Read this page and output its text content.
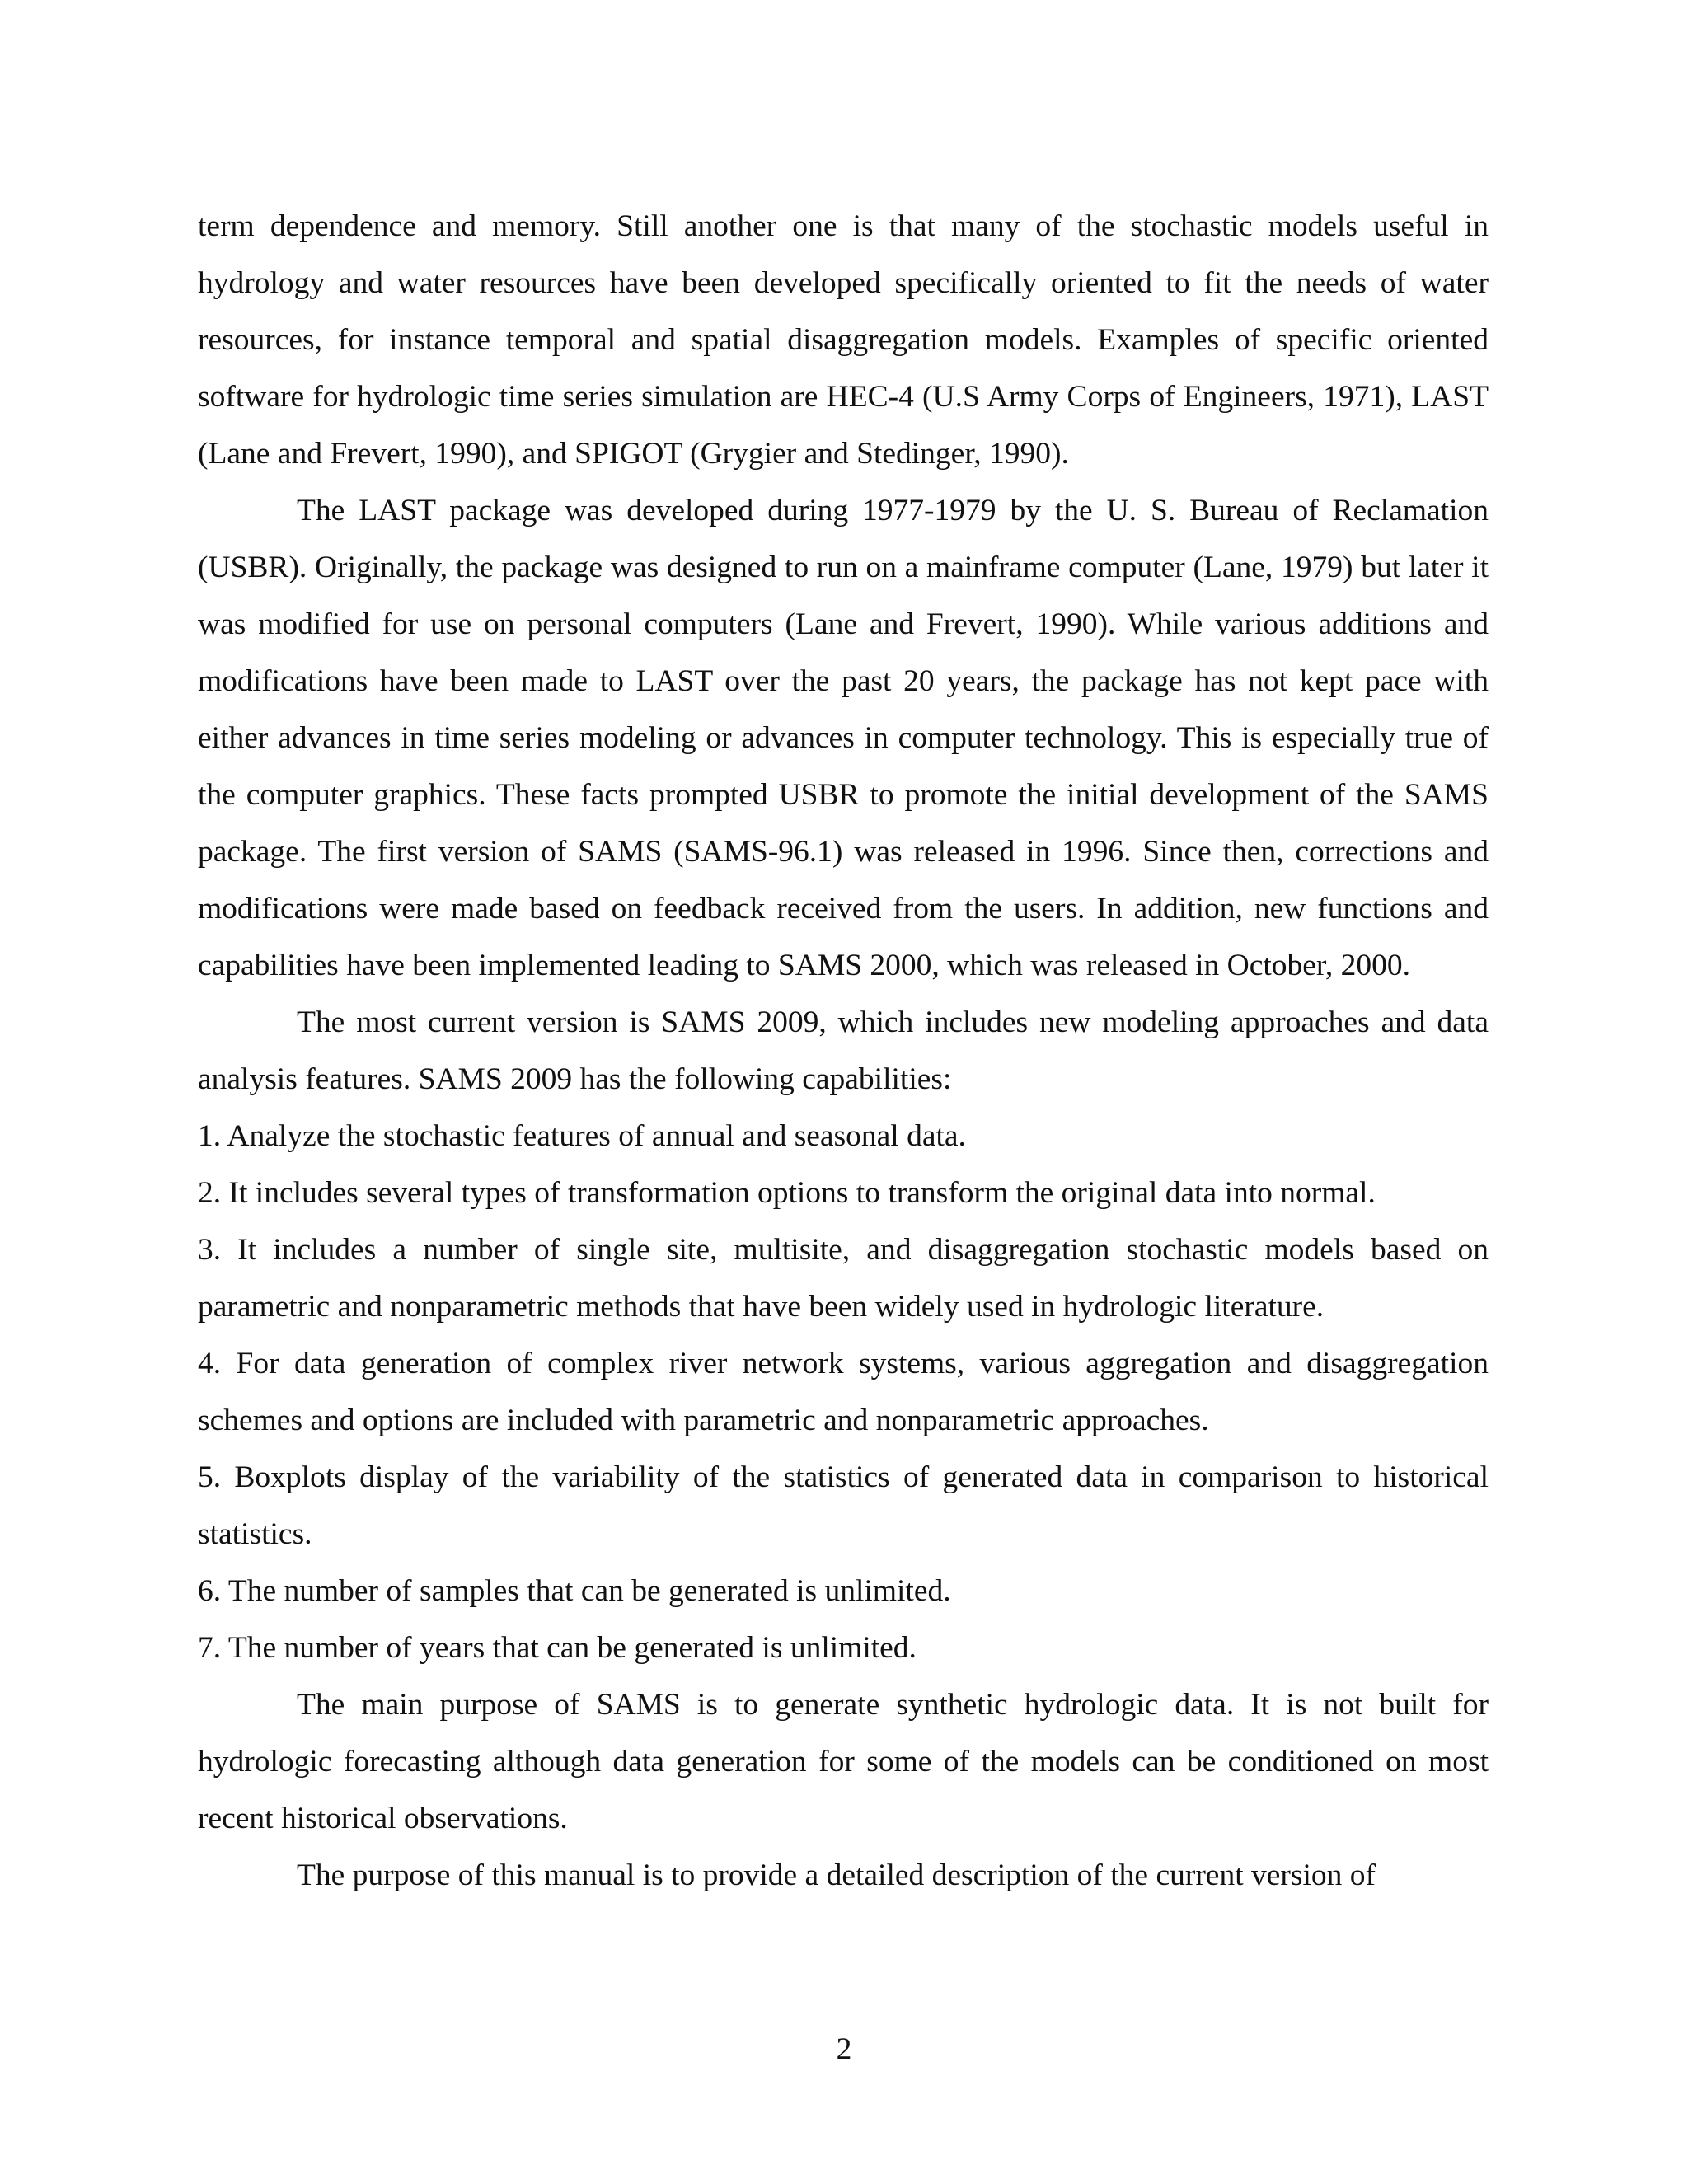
term dependence and memory. Still another one is that many of the stochastic models useful in hydrology and water resources have been developed specifically oriented to fit the needs of water resources, for instance temporal and spatial disaggregation models. Examples of specific oriented software for hydrologic time series simulation are HEC-4 (U.S Army Corps of Engineers, 1971), LAST (Lane and Frevert, 1990), and SPIGOT (Grygier and Stedinger, 1990).

The LAST package was developed during 1977-1979 by the U. S. Bureau of Reclamation (USBR). Originally, the package was designed to run on a mainframe computer (Lane, 1979) but later it was modified for use on personal computers (Lane and Frevert, 1990). While various additions and modifications have been made to LAST over the past 20 years, the package has not kept pace with either advances in time series modeling or advances in computer technology. This is especially true of the computer graphics. These facts prompted USBR to promote the initial development of the SAMS package. The first version of SAMS (SAMS-96.1) was released in 1996. Since then, corrections and modifications were made based on feedback received from the users. In addition, new functions and capabilities have been implemented leading to SAMS 2000, which was released in October, 2000.

The most current version is SAMS 2009, which includes new modeling approaches and data analysis features. SAMS 2009 has the following capabilities:

1. Analyze the stochastic features of annual and seasonal data.

2. It includes several types of transformation options to transform the original data into normal.

3. It includes a number of single site, multisite, and disaggregation stochastic models based on parametric and nonparametric methods that have been widely used in hydrologic literature.

4. For data generation of complex river network systems, various aggregation and disaggregation schemes and options are included with parametric and nonparametric approaches.

5. Boxplots display of the variability of the statistics of generated data in comparison to historical statistics.

6. The number of samples that can be generated is unlimited.

7. The number of years that can be generated is unlimited.

The main purpose of SAMS is to generate synthetic hydrologic data. It is not built for hydrologic forecasting although data generation for some of the models can be conditioned on most recent historical observations.

The purpose of this manual is to provide a detailed description of the current version of

2
